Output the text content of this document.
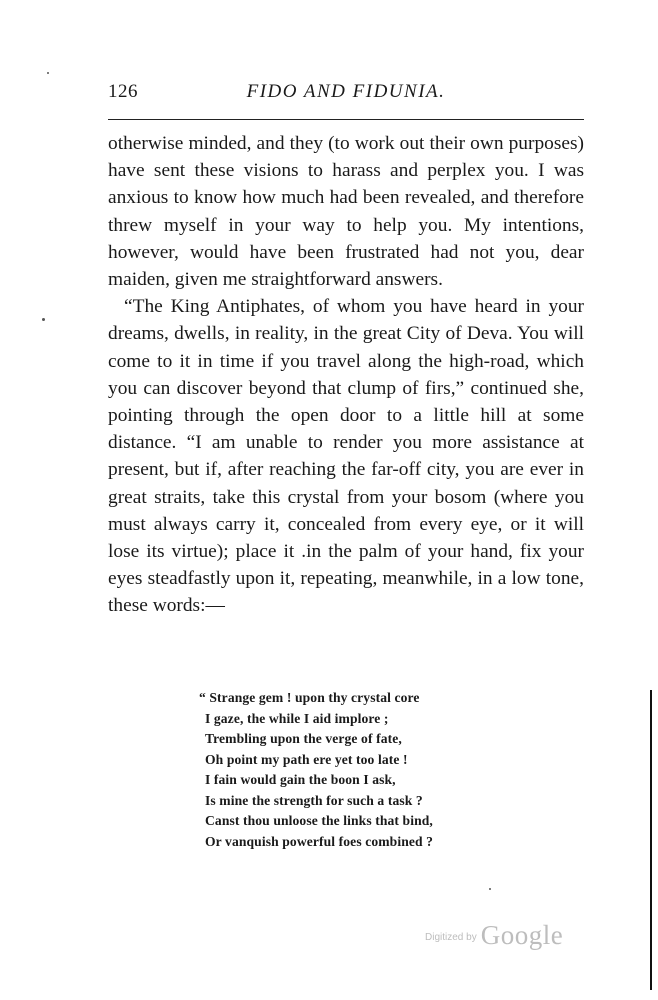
126	FIDO AND FIDUNIA.

otherwise minded, and they (to work out their own purposes) have sent these visions to harass and perplex you. I was anxious to know how much had been revealed, and therefore threw myself in your way to help you. My intentions, however, would have been frustrated had not you, dear maiden, given me straightforward answers.

“The King Antiphates, of whom you have heard in your dreams, dwells, in reality, in the great City of Deva. You will come to it in time if you travel along the high-road, which you can discover beyond that clump of firs,” continued she, pointing through the open door to a little hill at some distance. “I am unable to render you more assistance at present, but if, after reaching the far-off city, you are ever in great straits, take this crystal from your bosom (where you must always carry it, concealed from every eye, or it will lose its virtue); place it .in the palm of your hand, fix your eyes steadfastly upon it, repeating, meanwhile, in a low tone, these words:—

“ Strange gem ! upon thy crystal core
I gaze, the while I aid implore ;
Trembling upon the verge of fate,
Oh point my path ere yet too late !
I fain would gain the boon I ask,
Is mine the strength for such a task ?
Canst thou unloose the links that bind,
Or vanquish powerful foes combined ?
$^{Digitized by}$ Google
